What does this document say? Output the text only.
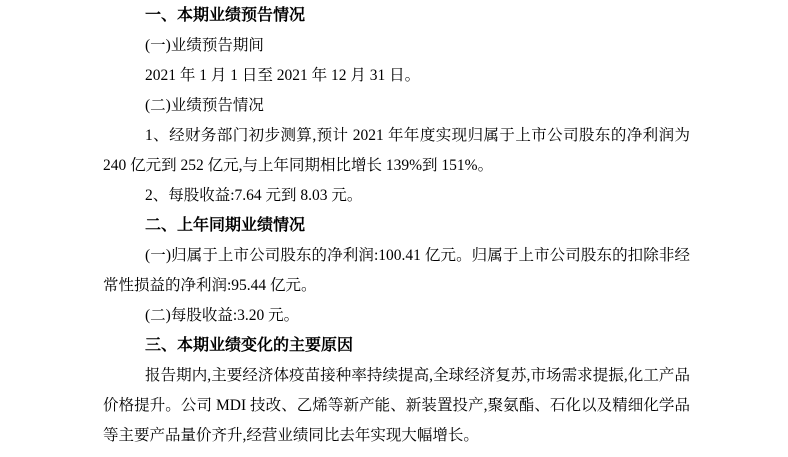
一、本期业绩预告情况

(一)业绩预告期间

2021 年 1 月 1 日至 2021 年 12 月 31 日。

(二)业绩预告情况

1、经财务部门初步测算,预计 2021 年年度实现归属于上市公司股东的净利润为 240 亿元到 252 亿元,与上年同期相比增长 139%到 151%。

2、每股收益:7.64 元到 8.03 元。

二、上年同期业绩情况

(一)归属于上市公司股东的净利润:100.41 亿元。归属于上市公司股东的扣除非经常性损益的净利润:95.44 亿元。

(二)每股收益:3.20 元。

三、本期业绩变化的主要原因

报告期内,主要经济体疫苗接种率持续提高,全球经济复苏,市场需求提振,化工产品价格提升。公司 MDI 技改、乙烯等新产能、新装置投产,聚氨酯、石化以及精细化学品等主要产品量价齐升,经营业绩同比去年实现大幅增长。
